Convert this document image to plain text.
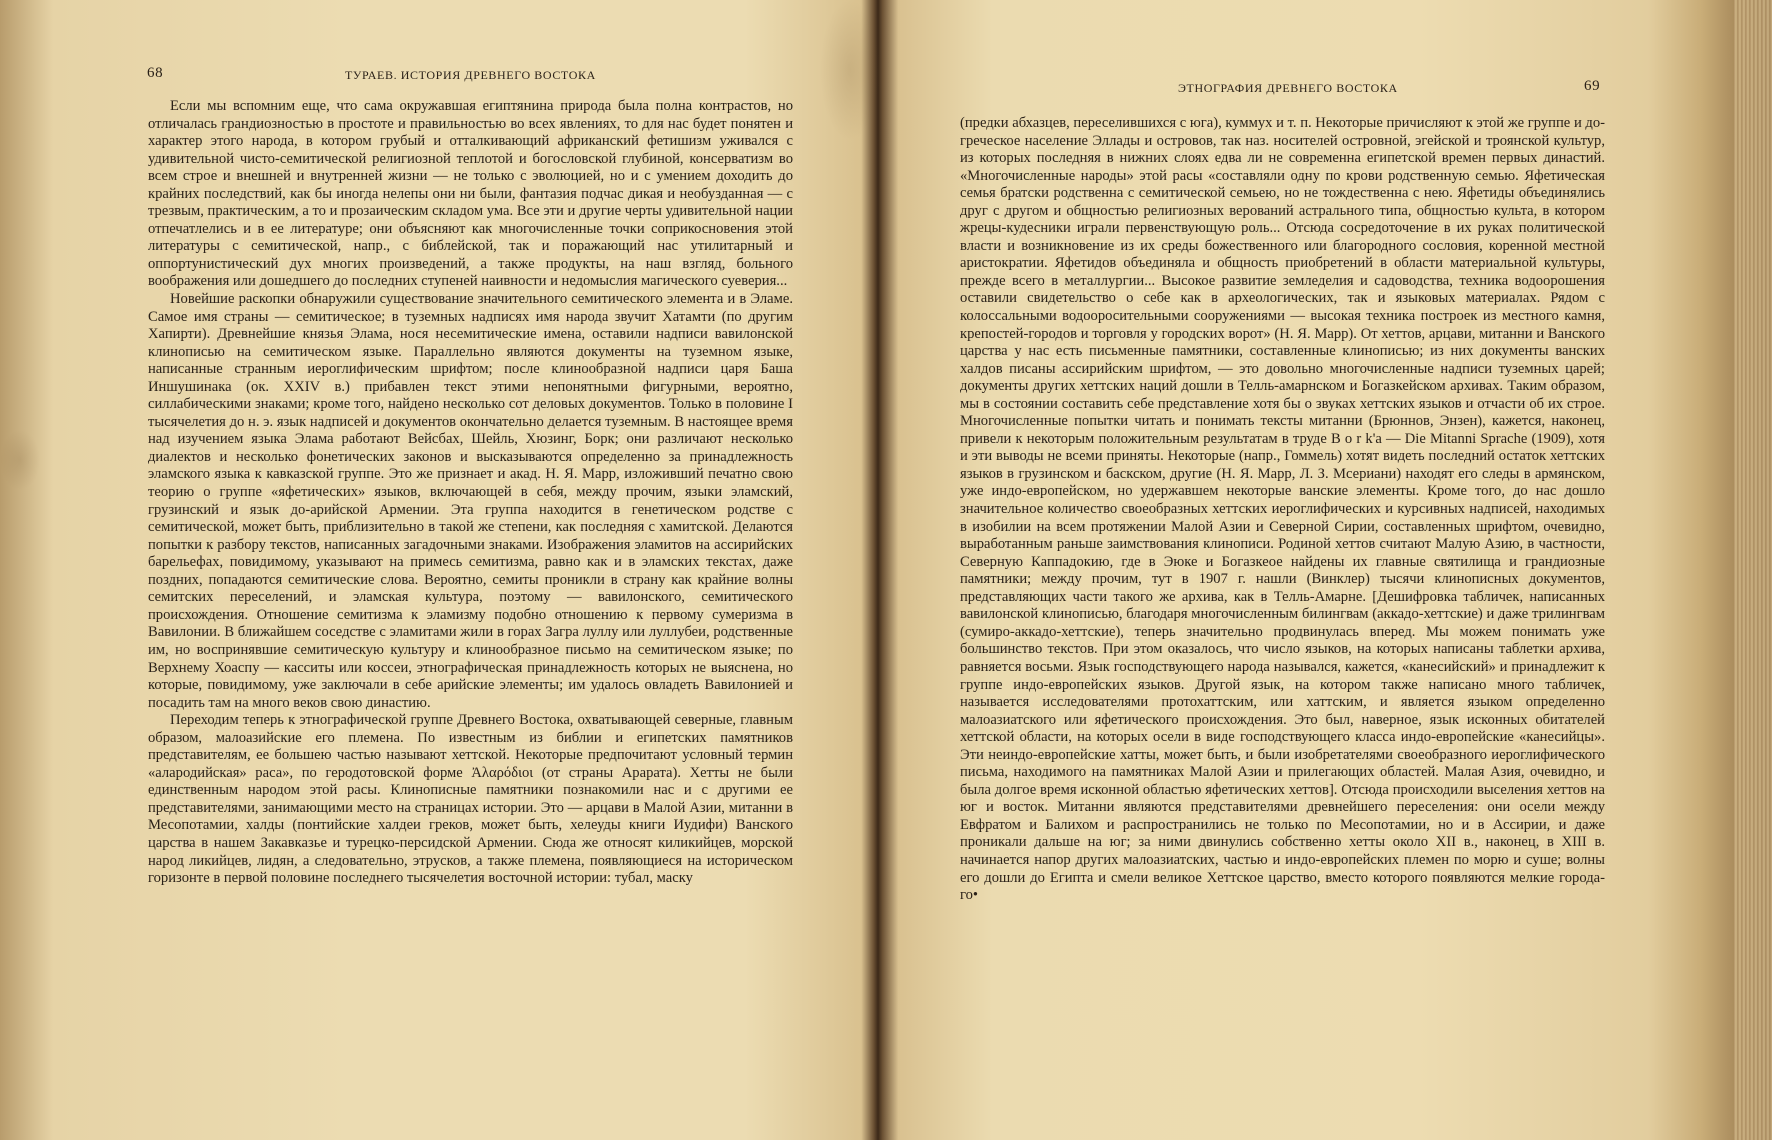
68	ТУРАЕВ. ИСТОРИЯ ДРЕВНЕГО ВОСТОКА

Если мы вспомним еще, что сама окружавшая египтянина природа была полна контрастов, но отличалась грандиозностью в простоте и правильностью во всех явлениях, то для нас будет понятен и характер этого народа, в котором грубый и отталкивающий африканский фетишизм уживался с удивительной чисто-семитической религиозной теплотой и богословской глубиной, консерватизм во всем строе и внешней и внутренней жизни — не только с эволюцией, но и с умением доходить до крайних последствий, как бы иногда нелепы они ни были, фантазия подчас дикая и необузданная — с трезвым, практическим, а то и прозаическим складом ума. Все эти и другие черты удивительной нации отпечатлелись и в ее литературе; они объясняют как многочисленные точки соприкосновения этой литературы с семитической, напр., с библейской, так и поражающий нас утилитарный и оппортунистический дух многих произведений, а также продукты, на наш взгляд, больного воображения или дошедшего до последних ступеней наивности и недомыслия магического суеверия...

Новейшие раскопки обнаружили существование значительного семитического элемента и в Эламе. Самое имя страны — семитическое; в туземных надписях имя народа звучит Хатамти (по другим Хапирти). Древнейшие князья Элама, нося несемитические имена, оставили надписи вавилонской клинописью на семитическом языке. Параллельно являются документы на туземном языке, написанные странным иероглифическим шрифтом; после клинообразной надписи царя Баша Иншушинака (ок. XXIV в.) прибавлен текст этими непонятными фигурными, вероятно, силлабическими знаками; кроме того, найдено несколько сот деловых документов. Только в половине I тысячелетия до н. э. язык надписей и документов окончательно делается туземным. В настоящее время над изучением языка Элама работают Вейсбах, Шейль, Хюзинг, Борк; они различают несколько диалектов и несколько фонетических законов и высказываются определенно за принадлежность эламского языка к кавказской группе. Это же признает и акад. Н. Я. Марр, изложивший печатно свою теорию о группе «яфетических» языков, включающей в себя, между прочим, языки эламский, грузинский и язык до-арийской Армении. Эта группа находится в генетическом родстве с семитической, может быть, приблизительно в такой же степени, как последняя с хамитской. Делаются попытки к разбору текстов, написанных загадочными знаками. Изображения эламитов на ассирийских барельефах, повидимому, указывают на примесь семитизма, равно как и в эламских текстах, даже поздних, попадаются семитические слова. Вероятно, семиты проникли в страну как крайние волны семитских переселений, и эламская культура, поэтому — вавилонского, семитического происхождения. Отношение семитизма к эламизму подобно отношению к первому сумеризма в Вавилонии. В ближайшем соседстве с эламитами жили в горах Загра луллу или луллубеи, родственные им, но воспринявшие семитическую культуру и клинообразное письмо на семитическом языке; по Верхнему Хоаспу — касситы или коссеи, этнографическая принадлежность которых не выяснена, но которые, повидимому, уже заключали в себе арийские элементы; им удалось овладеть Вавилонией и посадить там на много веков свою династию.

Переходим теперь к этнографической группе Древнего Востока, охватывающей северные, главным образом, малоазийские его племена. По известным из библии и египетских памятников представителям, ее большею частью называют хеттской. Некоторые предпочитают условный термин «алародийская» раса», по геродотовской форме Ἀλαρόδιοι (от страны Арарата). Хетты не были единственным народом этой расы. Клинописные памятники познакомили нас и с другими ее представителями, занимающими место на страницах истории. Это — арцави в Малой Азии, митанни в Месопотамии, халды (понтийские халдеи греков, может быть, хелеуды книги Иудифи) Ванского царства в нашем Закавказье и турецко-персидской Армении. Сюда же относят киликийцев, морской народ ликийцев, лидян, а следовательно, этрусков, а также племена, появляющиеся на историческом горизонте в первой половине последнего тысячелетия восточной истории: тубал, маску

ЭТНОГРАФИЯ ДРЕВНЕГО ВОСТОКА	69

(предки абхазцев, переселившихся с юга), куммух и т. п. Некоторые причисляют к этой же группе и до-греческое население Эллады и островов, так наз. носителей островной, эгейской и троянской культур, из которых последняя в нижних слоях едва ли не современна египетской времен первых династий. «Многочисленные народы» этой расы «составляли одну по крови родственную семью. Яфетическая семья братски родственна с семитической семьею, но не тождественна с нею. Яфетиды объединялись друг с другом и общностью религиозных верований астрального типа, общностью культа, в котором жрецы-кудесники играли первенствующую роль... Отсюда сосредоточение в их руках политической власти и возникновение из их среды божественного или благородного сословия, коренной местной аристократии. Яфетидов объединяла и общность приобретений в области материальной культуры, прежде всего в металлургии... Высокое развитие земледелия и садоводства, техника водоорошения оставили свидетельство о себе как в археологических, так и языковых материалах. Рядом с колоссальными водооросительными сооружениями — высокая техника построек из местного камня, крепостей-городов и торговля у городских ворот» (Н. Я. Марр). От хеттов, арцави, митанни и Ванского царства у нас есть письменные памятники, составленные клинописью; из них документы ванских халдов писаны ассирийским шрифтом, — это довольно многочисленные надписи туземных царей; документы других хеттских наций дошли в Телль-амарнском и Богазкейском архивах. Таким образом, мы в состоянии составить себе представление хотя бы о звуках хеттских языков и отчасти об их строе. Многочисленные попытки читать и понимать тексты митанни (Брюннов, Энзен), кажется, наконец, привели к некоторым положительным результатам в труде B o r k'a — Die Mitanni Sprache (1909), хотя и эти выводы не всеми приняты. Некоторые (напр., Гоммель) хотят видеть последний остаток хеттских языков в грузинском и баскском, другие (Н. Я. Марр, Л. З. Мсериани) находят его следы в армянском, уже индо-европейском, но удержавшем некоторые ванские элементы. Кроме того, до нас дошло значительное количество своеобразных хеттских иероглифических и курсивных надписей, находимых в изобилии на всем протяжении Малой Азии и Северной Сирии, составленных шрифтом, очевидно, выработанным раньше заимствования клинописи. Родиной хеттов считают Малую Азию, в частности, Северную Каппадокию, где в Эюке и Богазкеое найдены их главные святилища и грандиозные памятники; между прочим, тут в 1907 г. нашли (Винклер) тысячи клинописных документов, представляющих части такого же архива, как в Телль-Амарне. [Дешифровка табличек, написанных вавилонской клинописью, благодаря многочисленным билингвам (аккадо-хеттские) и даже трилингвам (сумиро-аккадо-хеттские), теперь значительно продвинулась вперед. Мы можем понимать уже большинство текстов. При этом оказалось, что число языков, на которых написаны таблетки архива, равняется восьми. Язык господствующего народа назывался, кажется, «канесийский» и принадлежит к группе индо-европейских языков. Другой язык, на котором также написано много табличек, называется исследователями протохаттским, или хаттским, и является языком определенно малоазиатского или яфетического происхождения. Это был, наверное, язык исконных обитателей хеттской области, на которых осели в виде господствующего класса индо-европейские «канесийцы». Эти неиндо-европейские хатты, может быть, и были изобретателями своеобразного иероглифического письма, находимого на памятниках Малой Азии и прилегающих областей. Малая Азия, очевидно, и была долгое время исконной областью яфетических хеттов]. Отсюда происходили выселения хеттов на юг и восток. Митанни являются представителями древнейшего переселения: они осели между Евфратом и Балихом и распространились не только по Месопотамии, но и в Ассирии, и даже проникали дальше на юг; за ними двинулись собственно хетты около XII в., наконец, в XIII в. начинается напор других малоазиатских, частью и индо-европейских племен по морю и суше; волны его дошли до Египта и смели великое Хеттское царство, вместо которого появляются мелкие города-го•
